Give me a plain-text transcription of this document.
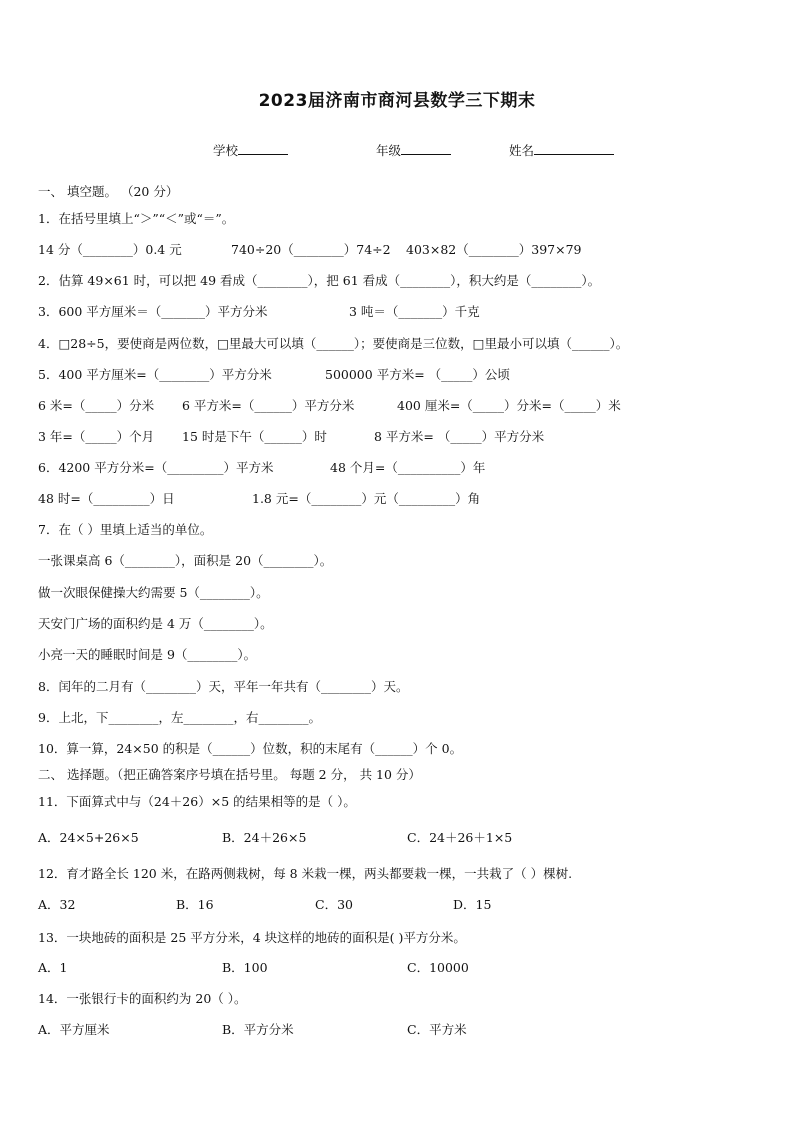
2023届济南市商河县数学三下期末
学校	年级	姓名
一、 填空题。 （20 分）
1．在括号里填上“＞”“＜”或“＝”。
14 分（________）0.4 元	740÷20（________）74÷2 403×82（________）397×79
2．估算 49×61 时，可以把 49 看成（________），把 61 看成（________），积大约是（________）。
3．600 平方厘米＝（_______）平方分米	3 吨＝（_______）千克
4．□28÷5，要使商是两位数，□里最大可以填（______）；要使商是三位数，□里最小可以填（______）。
5．400 平方厘米=（________）平方分米	500000 平方米= （_____）公顷
6 米=（_____）分米 6 平方米=（______）平方分米	400 厘米=（_____）分米=（_____）米
3 年=（_____）个月 15 时是下午（______）时	8 平方米= （_____）平方分米
6．4200 平方分米=（_________）平方米	48 个月=（__________）年
48 时=（_________）日	1.8 元=（________）元（_________）角
7．在（ ）里填上适当的单位。
一张课桌高 6（________），面积是 20（________）。
做一次眼保健操大约需要 5（________）。
天安门广场的面积约是 4 万（________）。
小亮一天的睡眠时间是 9（________）。
8．闰年的二月有（________）天，平年一年共有（________）天。
9．上北，下________，左________，右________。
10．算一算，24×50 的积是（______）位数，积的末尾有（______）个 0。
二、 选择题。（把正确答案序号填在括号里。 每题 2 分， 共 10 分）
11．下面算式中与（24＋26）×5 的结果相等的是（ ）。
A．24×5+26×5	B．24＋26×5	C．24＋26＋1×5
12．育才路全长 120 米，在路两侧栽树，每 8 米栽一棵，两头都要栽一棵，一共栽了（ ）棵树.
A．32	B．16	C．30	D．15
13．一块地砖的面积是 25 平方分米，4 块这样的地砖的面积是( )平方分米。
A．1	B．100	C．10000
14．一张银行卡的面积约为 20（ ）。
A．平方厘米	B．平方分米	C．平方米
